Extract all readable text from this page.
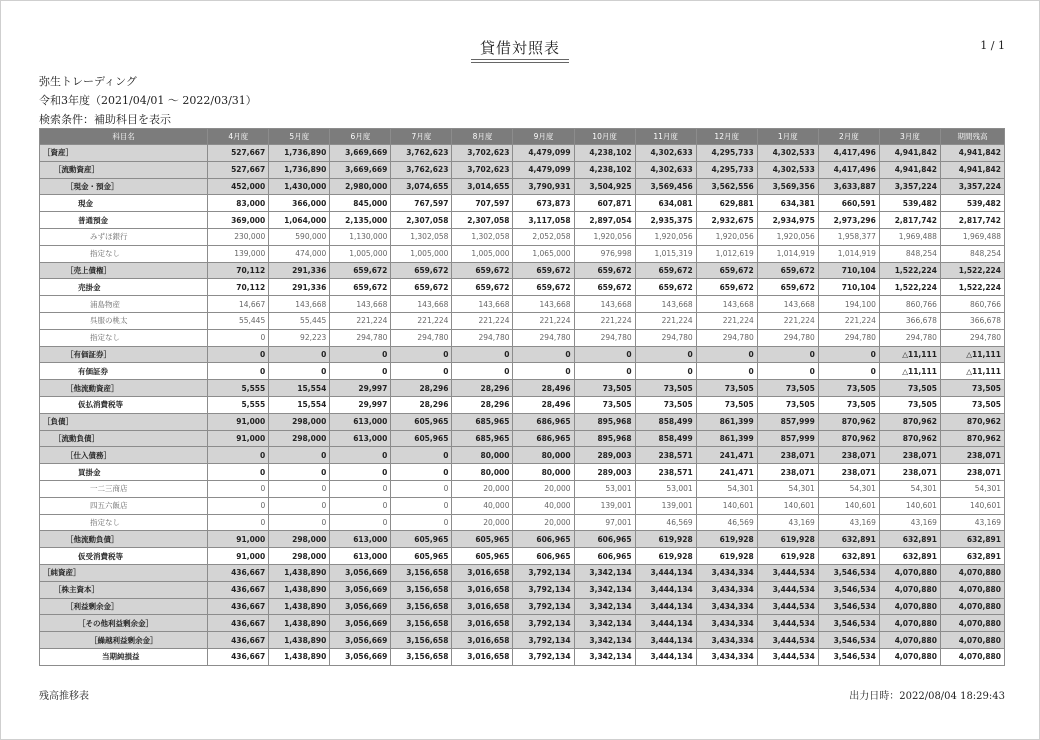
貸借対照表	1 / 1
弥生トレーディング
令和3年度（2021/04/01 ～ 2022/03/31）
検索条件：補助科目を表示
科目名	4月度	5月度	6月度	7月度	8月度	9月度	10月度	11月度	12月度	1月度	2月度	3月度	期間残高
［資産］	527,667	1,736,890	3,669,669	3,762,623	3,702,623	4,479,099	4,238,102	4,302,633	4,295,733	4,302,533	4,417,496	4,941,842	4,941,842
［流動資産］	527,667	1,736,890	3,669,669	3,762,623	3,702,623	4,479,099	4,238,102	4,302,633	4,295,733	4,302,533	4,417,496	4,941,842	4,941,842
［現金・預金］	452,000	1,430,000	2,980,000	3,074,655	3,014,655	3,790,931	3,504,925	3,569,456	3,562,556	3,569,356	3,633,887	3,357,224	3,357,224
現金	83,000	366,000	845,000	767,597	707,597	673,873	607,871	634,081	629,881	634,381	660,591	539,482	539,482
普通預金	369,000	1,064,000	2,135,000	2,307,058	2,307,058	3,117,058	2,897,054	2,935,375	2,932,675	2,934,975	2,973,296	2,817,742	2,817,742
みずほ銀行	230,000	590,000	1,130,000	1,302,058	1,302,058	2,052,058	1,920,056	1,920,056	1,920,056	1,920,056	1,958,377	1,969,488	1,969,488
指定なし	139,000	474,000	1,005,000	1,005,000	1,005,000	1,065,000	976,998	1,015,319	1,012,619	1,014,919	1,014,919	848,254	848,254
［売上債権］	70,112	291,336	659,672	659,672	659,672	659,672	659,672	659,672	659,672	659,672	710,104	1,522,224	1,522,224
売掛金	70,112	291,336	659,672	659,672	659,672	659,672	659,672	659,672	659,672	659,672	710,104	1,522,224	1,522,224
浦島物産	14,667	143,668	143,668	143,668	143,668	143,668	143,668	143,668	143,668	143,668	194,100	860,766	860,766
呉服の桃太	55,445	55,445	221,224	221,224	221,224	221,224	221,224	221,224	221,224	221,224	221,224	366,678	366,678
指定なし	0	92,223	294,780	294,780	294,780	294,780	294,780	294,780	294,780	294,780	294,780	294,780	294,780
［有価証券］	0	0	0	0	0	0	0	0	0	0	0	△11,111	△11,111
有価証券	0	0	0	0	0	0	0	0	0	0	0	△11,111	△11,111
［他流動資産］	5,555	15,554	29,997	28,296	28,296	28,496	73,505	73,505	73,505	73,505	73,505	73,505	73,505
仮払消費税等	5,555	15,554	29,997	28,296	28,296	28,496	73,505	73,505	73,505	73,505	73,505	73,505	73,505
［負債］	91,000	298,000	613,000	605,965	685,965	686,965	895,968	858,499	861,399	857,999	870,962	870,962	870,962
［流動負債］	91,000	298,000	613,000	605,965	685,965	686,965	895,968	858,499	861,399	857,999	870,962	870,962	870,962
［仕入債務］	0	0	0	0	80,000	80,000	289,003	238,571	241,471	238,071	238,071	238,071	238,071
買掛金	0	0	0	0	80,000	80,000	289,003	238,571	241,471	238,071	238,071	238,071	238,071
一二三商店	0	0	0	0	20,000	20,000	53,001	53,001	54,301	54,301	54,301	54,301	54,301
四五六飯店	0	0	0	0	40,000	40,000	139,001	139,001	140,601	140,601	140,601	140,601	140,601
指定なし	0	0	0	0	20,000	20,000	97,001	46,569	46,569	43,169	43,169	43,169	43,169
［他流動負債］	91,000	298,000	613,000	605,965	605,965	606,965	606,965	619,928	619,928	619,928	632,891	632,891	632,891
仮受消費税等	91,000	298,000	613,000	605,965	605,965	606,965	606,965	619,928	619,928	619,928	632,891	632,891	632,891
［純資産］	436,667	1,438,890	3,056,669	3,156,658	3,016,658	3,792,134	3,342,134	3,444,134	3,434,334	3,444,534	3,546,534	4,070,880	4,070,880
［株主資本］	436,667	1,438,890	3,056,669	3,156,658	3,016,658	3,792,134	3,342,134	3,444,134	3,434,334	3,444,534	3,546,534	4,070,880	4,070,880
［利益剰余金］	436,667	1,438,890	3,056,669	3,156,658	3,016,658	3,792,134	3,342,134	3,444,134	3,434,334	3,444,534	3,546,534	4,070,880	4,070,880
［その他利益剰余金］	436,667	1,438,890	3,056,669	3,156,658	3,016,658	3,792,134	3,342,134	3,444,134	3,434,334	3,444,534	3,546,534	4,070,880	4,070,880
［繰越利益剰余金］	436,667	1,438,890	3,056,669	3,156,658	3,016,658	3,792,134	3,342,134	3,444,134	3,434,334	3,444,534	3,546,534	4,070,880	4,070,880
当期純損益	436,667	1,438,890	3,056,669	3,156,658	3,016,658	3,792,134	3,342,134	3,444,134	3,434,334	3,444,534	3,546,534	4,070,880	4,070,880
残高推移表	出力日時：2022/08/04 18:29:43
